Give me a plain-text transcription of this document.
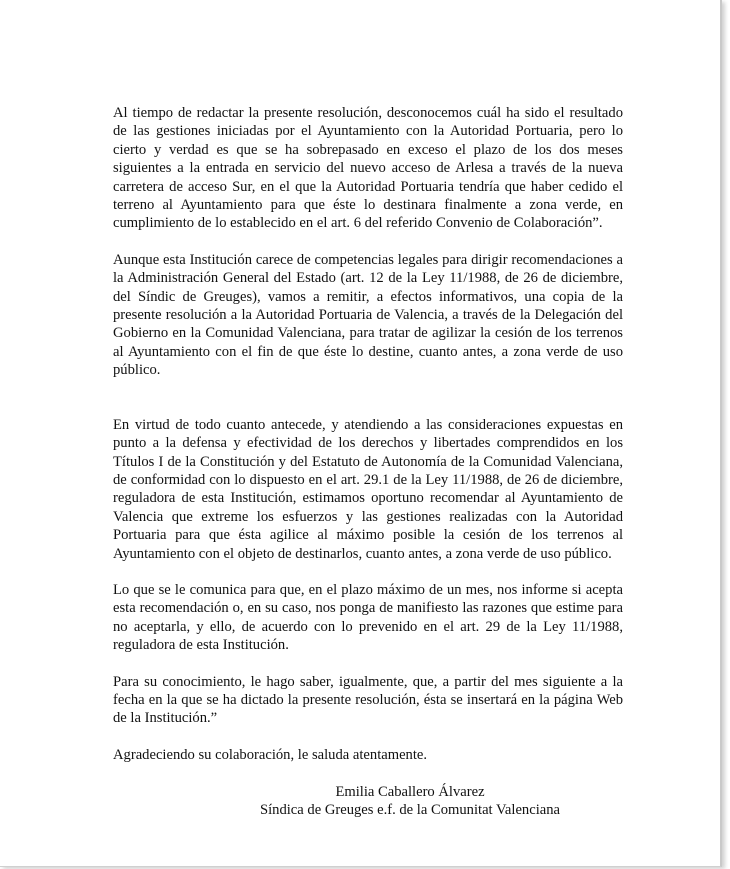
Al tiempo de redactar la presente resolución, desconocemos cuál ha sido el resultado de las gestiones iniciadas por el Ayuntamiento con la Autoridad Portuaria, pero lo cierto y verdad es que se ha sobrepasado en exceso el plazo de los dos meses siguientes a la entrada en servicio del nuevo acceso de Arlesa a través de la nueva carretera de acceso Sur, en el que la Autoridad Portuaria tendría que haber cedido el terreno al Ayuntamiento para que éste lo destinara finalmente a zona verde, en cumplimiento de lo establecido en el art. 6 del referido Convenio de Colaboración”.

Aunque esta Institución carece de competencias legales para dirigir recomendaciones a la Administración General del Estado (art. 12 de la Ley 11/1988, de 26 de diciembre, del Síndic de Greuges), vamos a remitir, a efectos informativos, una copia de la presente resolución a la Autoridad Portuaria de Valencia, a través de la Delegación del Gobierno en la Comunidad Valenciana, para tratar de agilizar la cesión de los terrenos al Ayuntamiento con el fin de que éste lo destine, cuanto antes, a zona verde de uso público.

En virtud de todo cuanto antecede, y atendiendo a las consideraciones expuestas en punto a la defensa y efectividad de los derechos y libertades comprendidos en los Títulos I de la Constitución y del Estatuto de Autonomía de la Comunidad Valenciana, de conformidad con lo dispuesto en el art. 29.1 de la Ley 11/1988, de 26 de diciembre, reguladora de esta Institución, estimamos oportuno recomendar al Ayuntamiento de Valencia que extreme los esfuerzos y las gestiones realizadas con la Autoridad Portuaria para que ésta agilice al máximo posible la cesión de los terrenos al Ayuntamiento con el objeto de destinarlos, cuanto antes, a zona verde de uso público.

Lo que se le comunica para que, en el plazo máximo de un mes, nos informe si acepta esta recomendación o, en su caso, nos ponga de manifiesto las razones que estime para no aceptarla, y ello, de acuerdo con lo prevenido en el art. 29 de la Ley 11/1988, reguladora de esta Institución.

Para su conocimiento, le hago saber, igualmente, que, a partir del mes siguiente a la fecha en la que se ha dictado la presente resolución, ésta se insertará en la página Web de la Institución.”

Agradeciendo su colaboración, le saluda atentamente.

Emilia Caballero Álvarez
Síndica de Greuges e.f. de la Comunitat Valenciana
